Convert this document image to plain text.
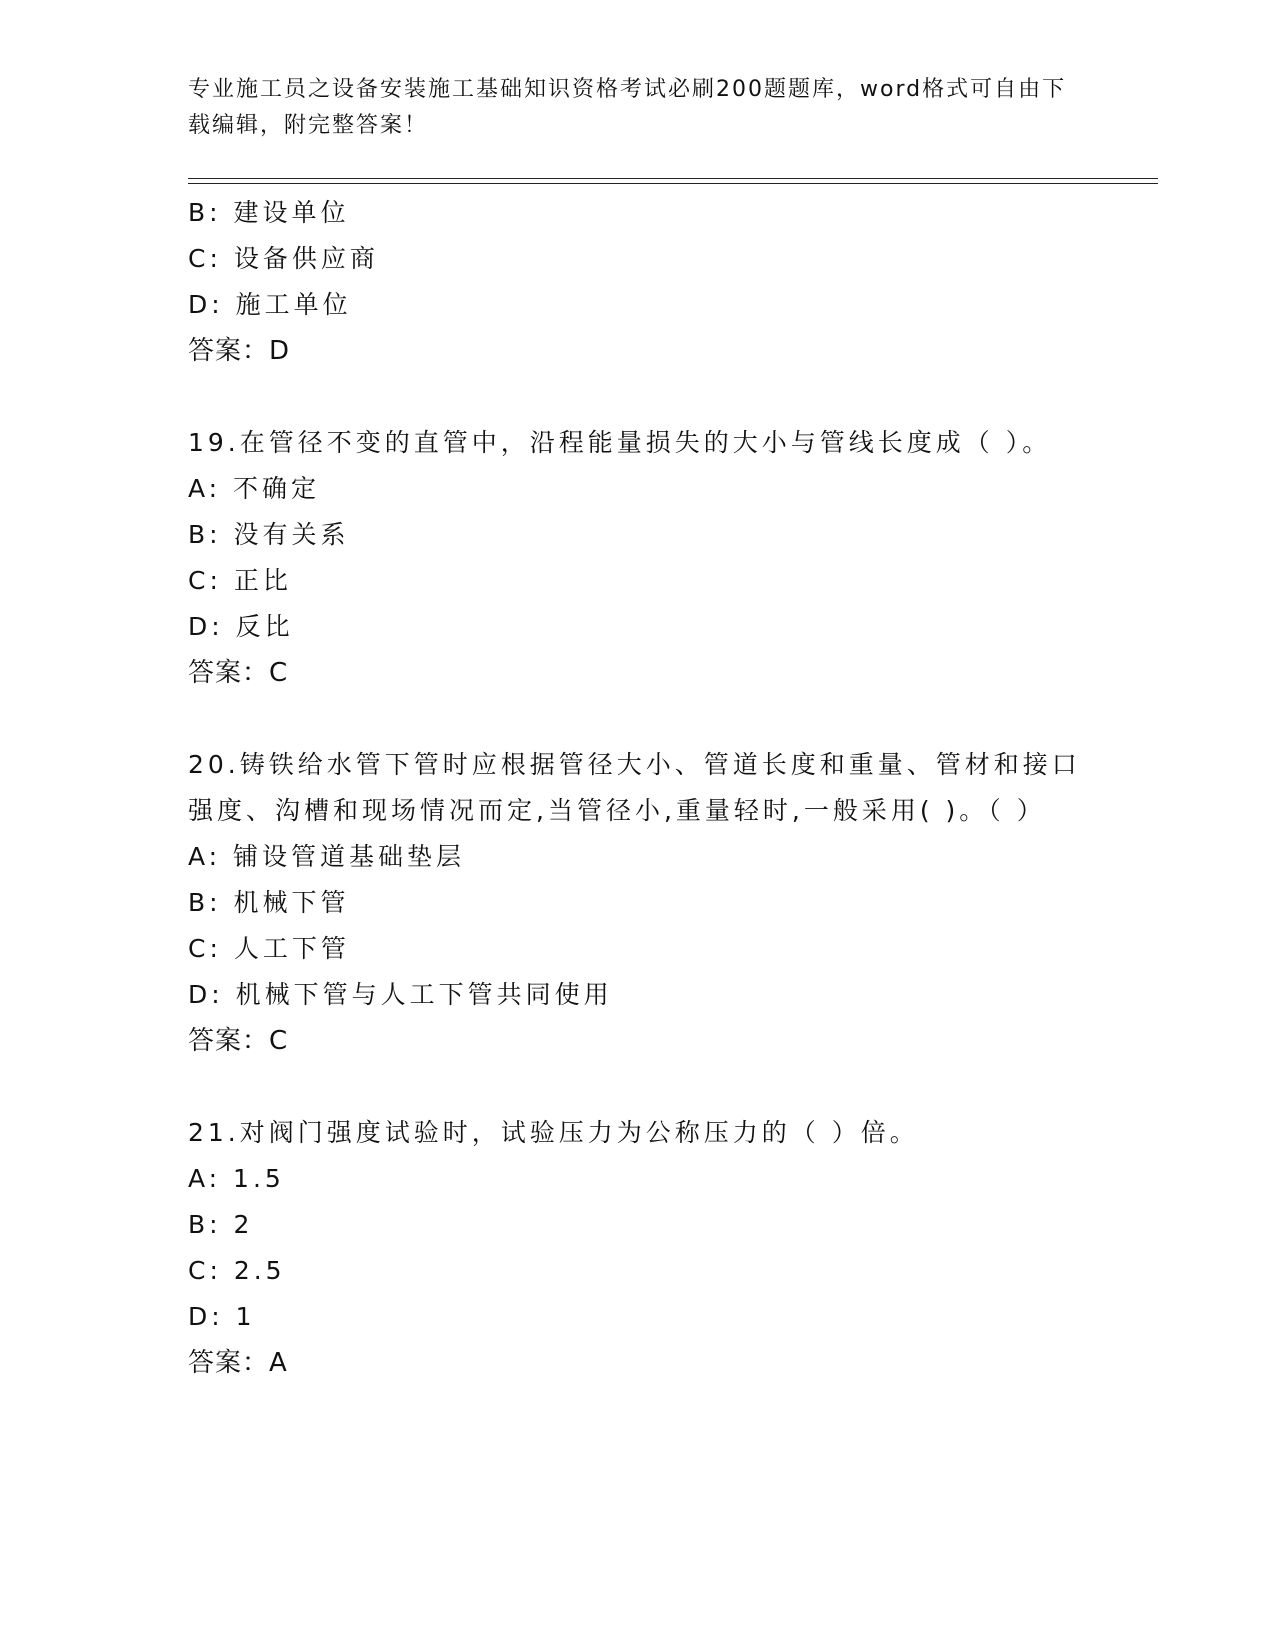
专业施工员之设备安装施工基础知识资格考试必刷200题题库，word格式可自由下载编辑，附完整答案！
B: 建设单位
C: 设备供应商
D: 施工单位
答案：D
19.在管径不变的直管中，沿程能量损失的大小与管线长度成（ ）。
A: 不确定
B: 没有关系
C: 正比
D: 反比
答案：C
20.铸铁给水管下管时应根据管径大小、管道长度和重量、管材和接口强度、沟槽和现场情况而定,当管径小,重量轻时,一般采用( )。（ ）
A: 铺设管道基础垫层
B: 机械下管
C: 人工下管
D: 机械下管与人工下管共同使用
答案：C
21.对阀门强度试验时，试验压力为公称压力的（ ）倍。
A: 1.5
B: 2
C: 2.5
D: 1
答案：A
